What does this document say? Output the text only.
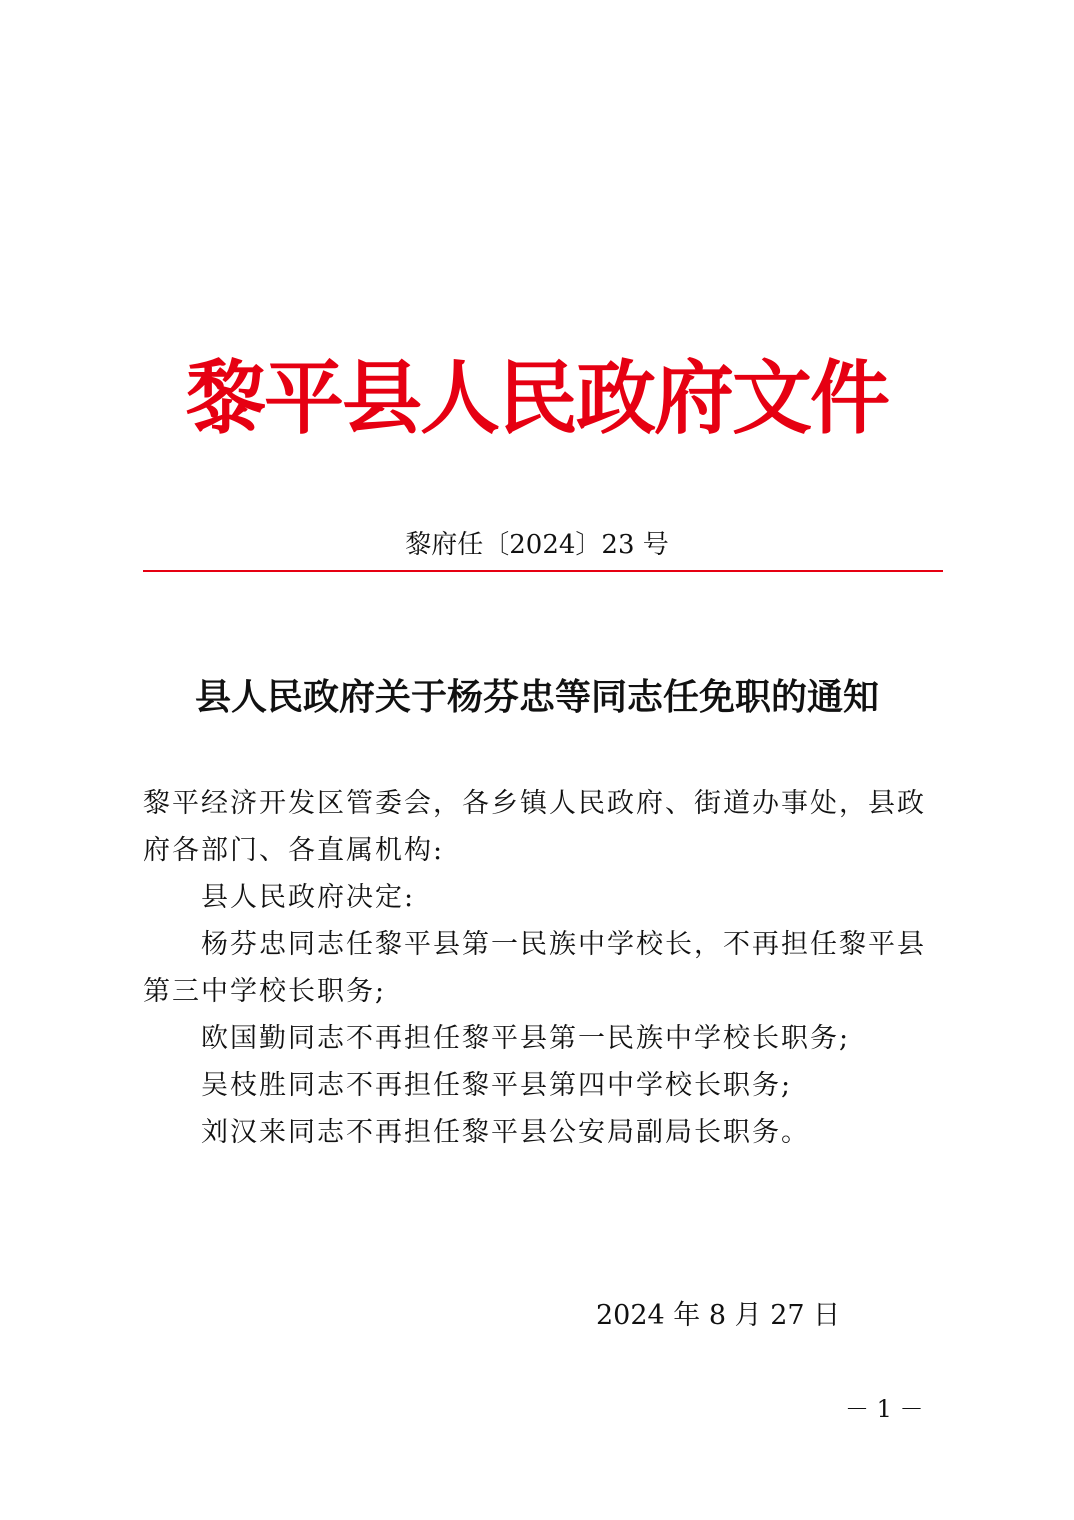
黎平县人民政府文件
黎府任〔2024〕23 号
县人民政府关于杨芬忠等同志任免职的通知

黎平经济开发区管委会，各乡镇人民政府、街道办事处，县政府各部门、各直属机构:

县人民政府决定:

杨芬忠同志任黎平县第一民族中学校长，不再担任黎平县第三中学校长职务;

欧国勤同志不再担任黎平县第一民族中学校长职务;

吴枝胜同志不再担任黎平县第四中学校长职务;

刘汉来同志不再担任黎平县公安局副局长职务。

2024 年 8 月 27 日
－ 1 －
